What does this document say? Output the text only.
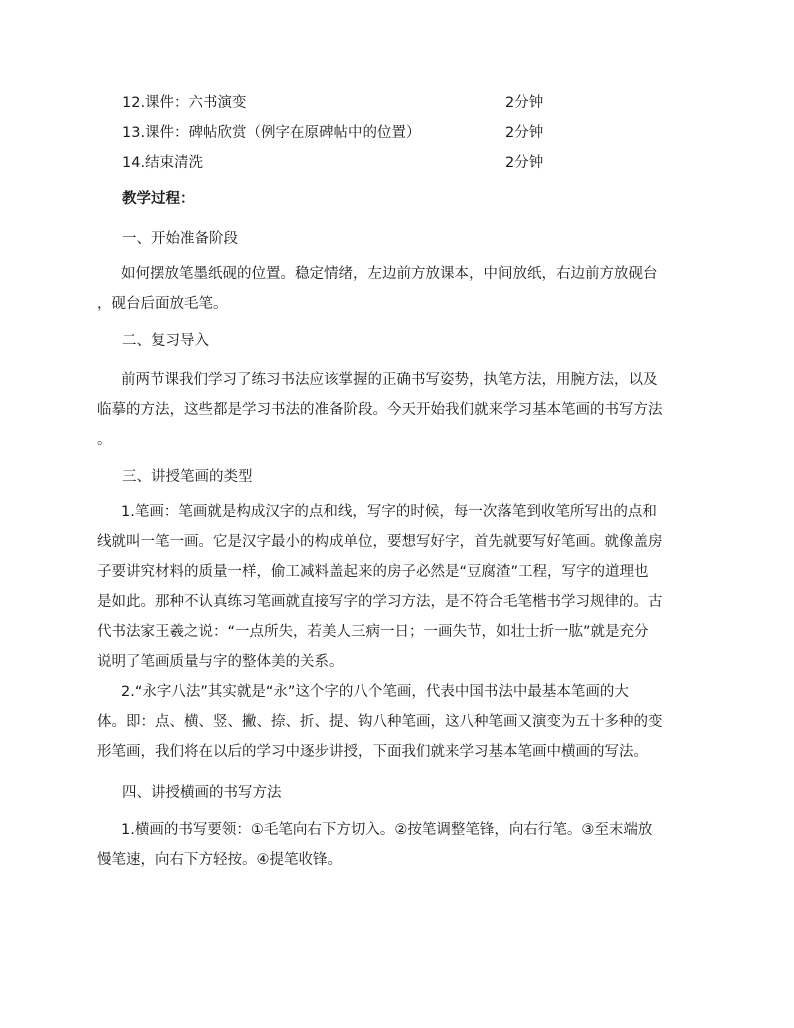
12.课件：六书演变	2分钟
13.课件：碑帖欣赏（例字在原碑帖中的位置）	2分钟
14.结束清洗	2分钟
教学过程：
一、开始准备阶段
如何摆放笔墨纸砚的位置。稳定情绪，左边前方放课本，中间放纸，右边前方放砚台
，砚台后面放毛笔。
二、复习导入
前两节课我们学习了练习书法应该掌握的正确书写姿势，执笔方法，用腕方法，以及
临摹的方法，这些都是学习书法的准备阶段。今天开始我们就来学习基本笔画的书写方法
。
三、讲授笔画的类型
1.笔画：笔画就是构成汉字的点和线，写字的时候，每一次落笔到收笔所写出的点和
线就叫一笔一画。它是汉字最小的构成单位，要想写好字，首先就要写好笔画。就像盖房
子要讲究材料的质量一样，偷工减料盖起来的房子必然是“豆腐渣”工程，写字的道理也
是如此。那种不认真练习笔画就直接写字的学习方法，是不符合毛笔楷书学习规律的。古
代书法家王羲之说：“一点所失，若美人三病一日；一画失节，如壮士折一肱”就是充分
说明了笔画质量与字的整体美的关系。
2.“永字八法”其实就是“永”这个字的八个笔画，代表中国书法中最基本笔画的大
体。即：点、横、竖、撇、捺、折、提、钩八种笔画，这八种笔画又演变为五十多种的变
形笔画，我们将在以后的学习中逐步讲授，下面我们就来学习基本笔画中横画的写法。
四、讲授横画的书写方法
1.横画的书写要领：①毛笔向右下方切入。②按笔调整笔锋，向右行笔。③至末端放
慢笔速，向右下方轻按。④提笔收锋。
